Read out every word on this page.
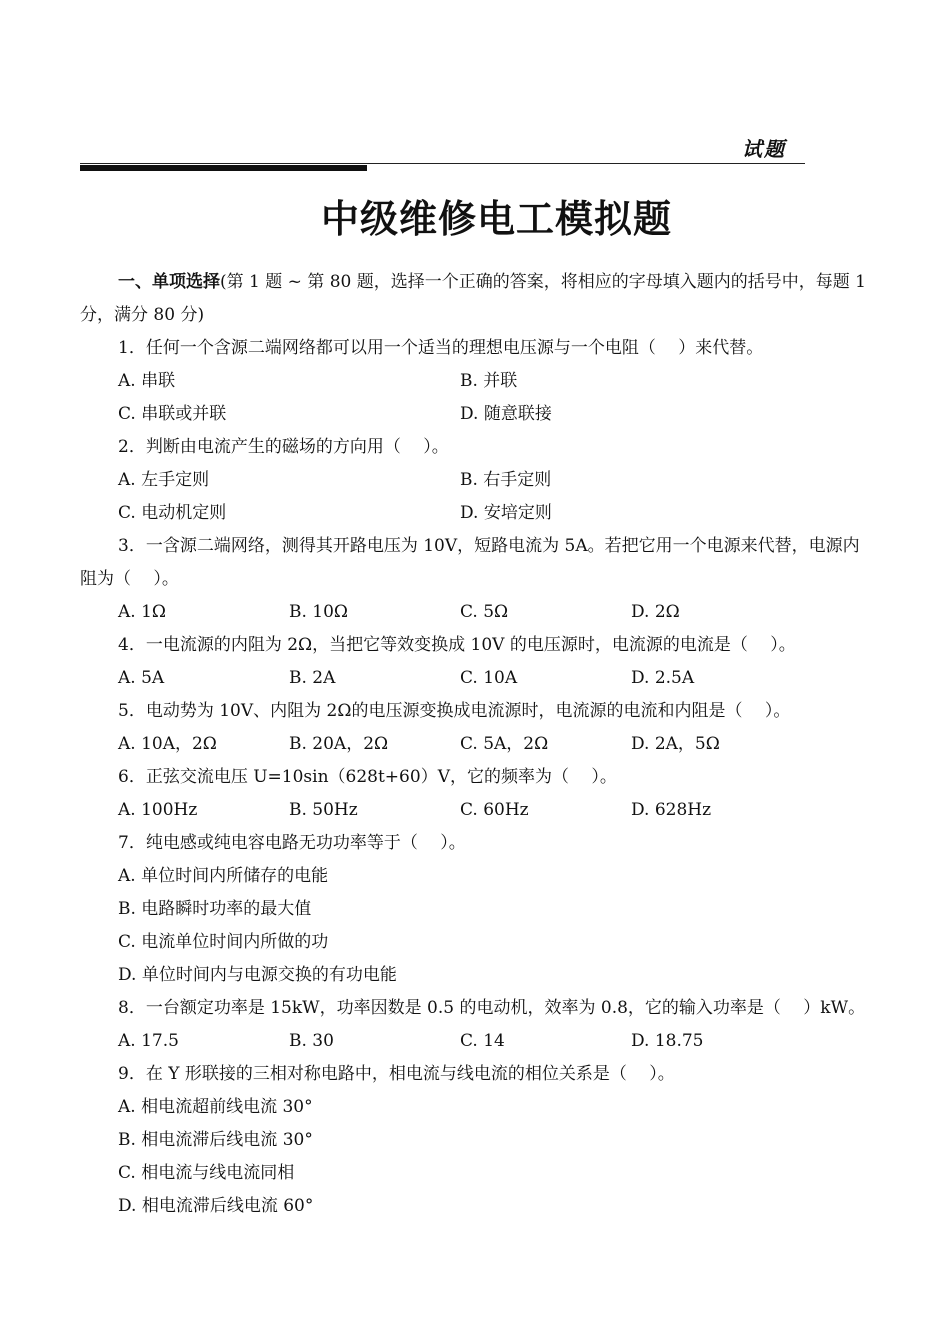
试题
中级维修电工模拟题
一、单项选择(第 1 题 ~ 第 80 题，选择一个正确的答案，将相应的字母填入题内的括号中，每题 1 分，满分 80 分)
1．任何一个含源二端网络都可以用一个适当的理想电压源与一个电阻（　 ）来代替。
A. 串联	B. 并联
C. 串联或并联	D. 随意联接
2．判断由电流产生的磁场的方向用（　 ）。
A. 左手定则	B. 右手定则
C. 电动机定则	D. 安培定则
3．一含源二端网络，测得其开路电压为 10V，短路电流为 5A。若把它用一个电源来代替，电源内阻为（　 ）。
A. 1Ω	B. 10Ω	C. 5Ω	D. 2Ω
4．一电流源的内阻为 2Ω，当把它等效变换成 10V 的电压源时，电流源的电流是（　 ）。
A. 5A	B. 2A	C. 10A	D. 2.5A
5．电动势为 10V、内阻为 2Ω的电压源变换成电流源时，电流源的电流和内阻是（　 ）。
A. 10A，2Ω	B. 20A，2Ω	C. 5A，2Ω	D. 2A，5Ω
6．正弦交流电压 U=10sin（628t+60）V，它的频率为（　 ）。
A. 100Hz	B. 50Hz	C. 60Hz	D. 628Hz
7．纯电感或纯电容电路无功功率等于（　 ）。
A. 单位时间内所储存的电能
B. 电路瞬时功率的最大值
C. 电流单位时间内所做的功
D. 单位时间内与电源交换的有功电能
8．一台额定功率是 15kW，功率因数是 0.5 的电动机，效率为 0.8，它的输入功率是（　 ）kW。
A. 17.5	B. 30	C. 14	D. 18.75
9．在 Y 形联接的三相对称电路中，相电流与线电流的相位关系是（　 ）。
A. 相电流超前线电流 30°
B. 相电流滞后线电流 30°
C. 相电流与线电流同相
D. 相电流滞后线电流 60°
